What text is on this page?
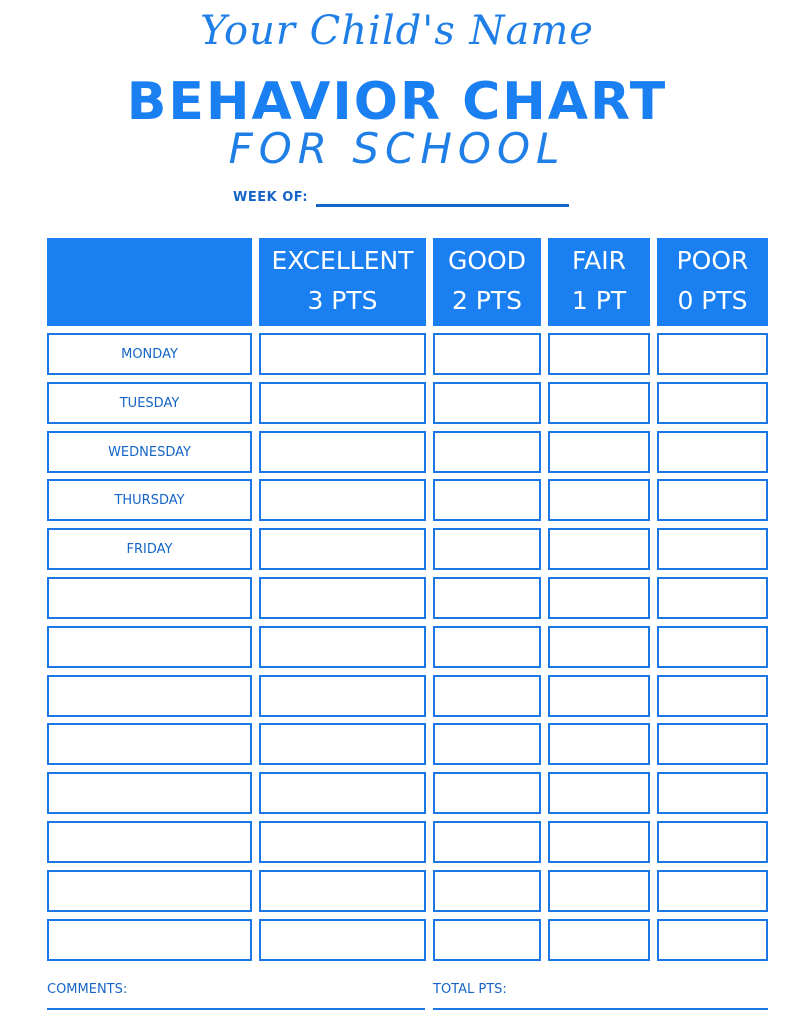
Your Child's Name
BEHAVIOR CHART
FOR SCHOOL
WEEK OF:
EXCELLENT
3 PTS
GOOD
2 PTS
FAIR
1 PT
POOR
0 PTS
MONDAY
TUESDAY
WEDNESDAY
THURSDAY
FRIDAY
COMMENTS:	TOTAL PTS:
